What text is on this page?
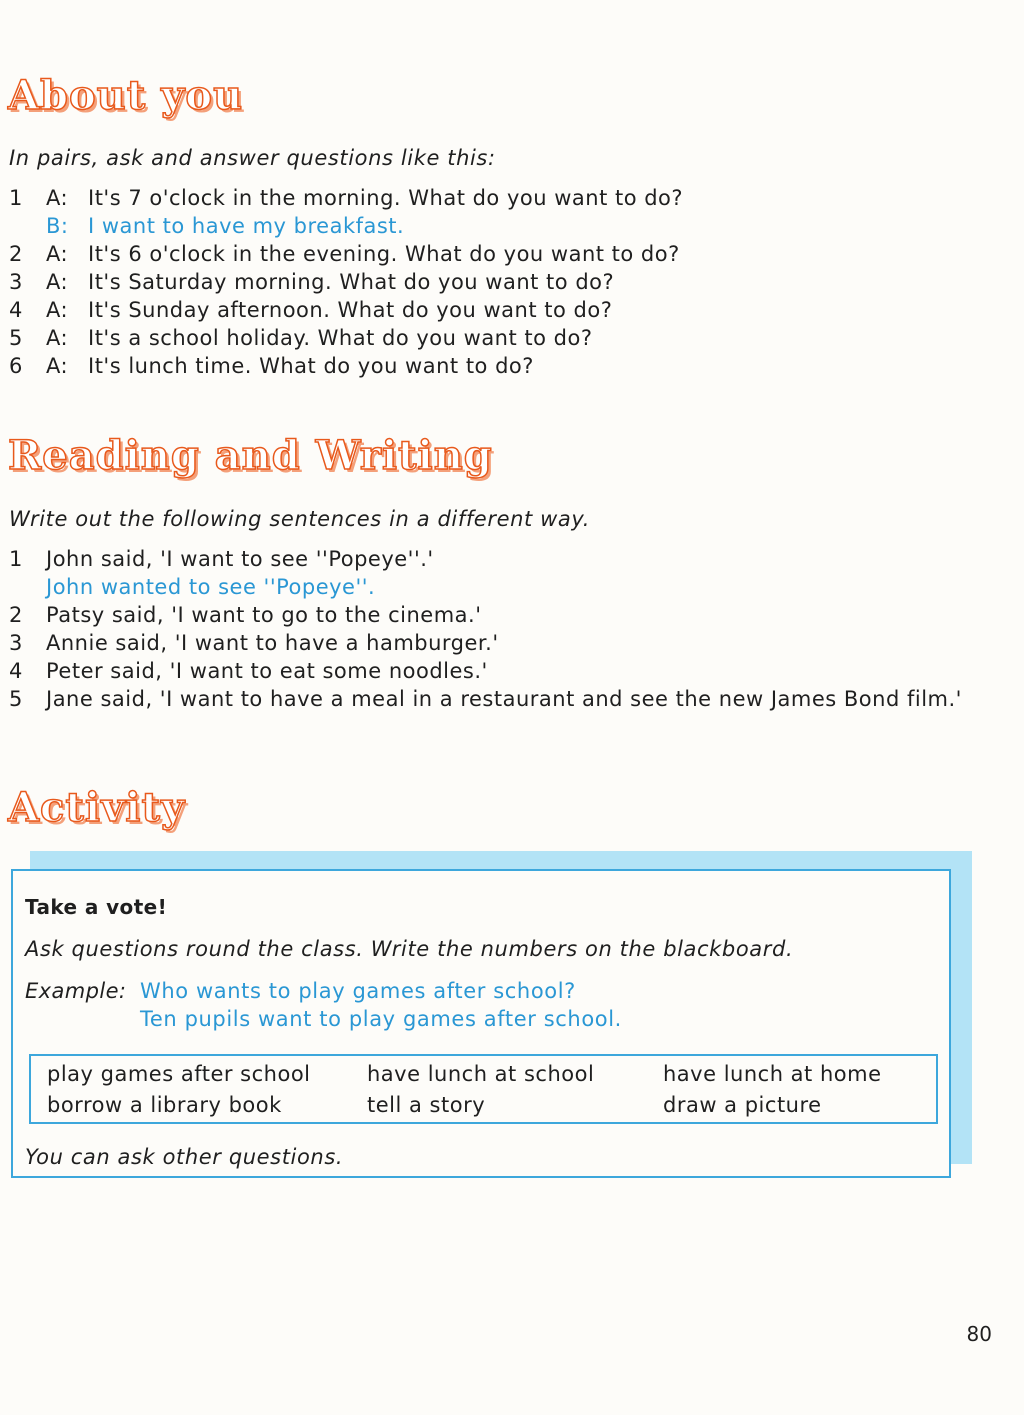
About you

In pairs, ask and answer questions like this:

1 A: It's 7 o'clock in the morning. What do you want to do?
B: I want to have my breakfast.
2 A: It's 6 o'clock in the evening. What do you want to do?
3 A: It's Saturday morning. What do you want to do?
4 A: It's Sunday afternoon. What do you want to do?
5 A: It's a school holiday. What do you want to do?
6 A: It's lunch time. What do you want to do?
Reading and Writing

Write out the following sentences in a different way.

1 John said, 'I want to see ''Popeye''.'
John wanted to see ''Popeye''.
2 Patsy said, 'I want to go to the cinema.'
3 Annie said, 'I want to have a hamburger.'
4 Peter said, 'I want to eat some noodles.'
5 Jane said, 'I want to have a meal in a restaurant and see the new James Bond film.'
Activity

Take a vote!

Ask questions round the class. Write the numbers on the blackboard.

Example: Who wants to play games after school?
Ten pupils want to play games after school.
play games after school	have lunch at school	have lunch at home
borrow a library book	tell a story	draw a picture

You can ask other questions.

80
